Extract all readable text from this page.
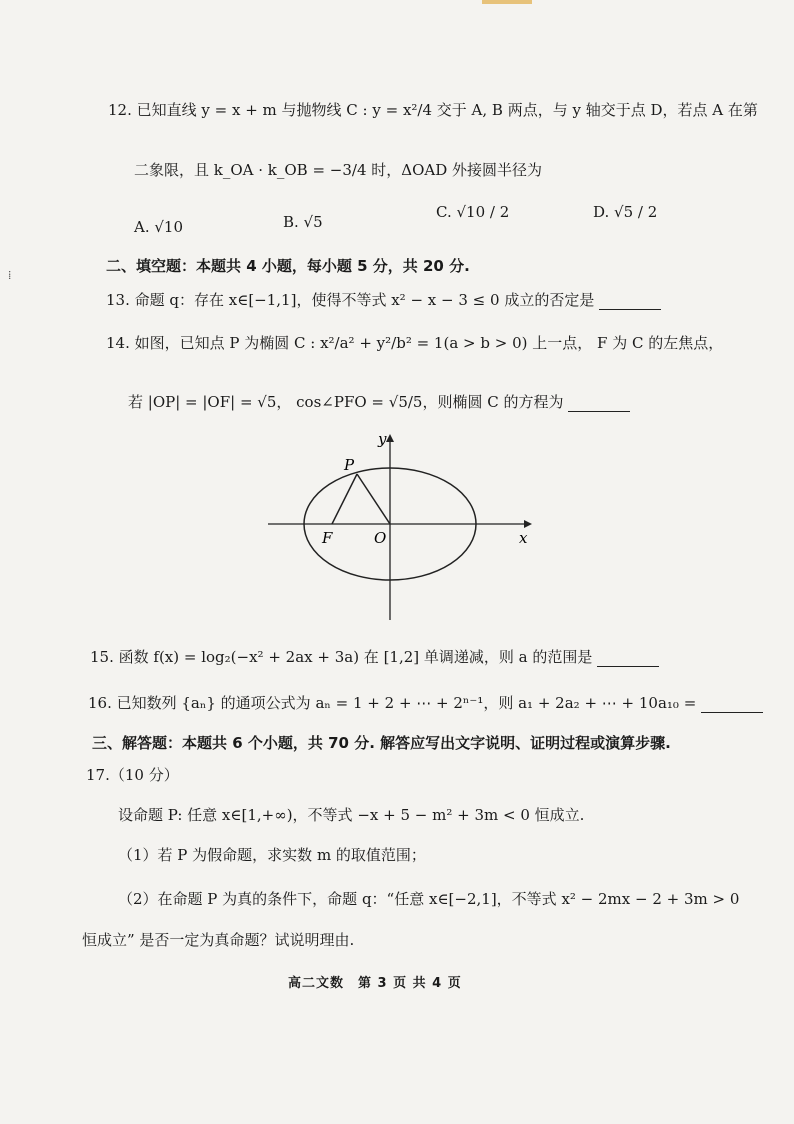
⁞
12. 已知直线 y = x + m 与抛物线 C : y = x²/4 交于 A, B 两点，与 y 轴交于点 D，若点 A 在第
二象限，且 k_OA · k_OB = −3/4 时，ΔOAD 外接圆半径为
A. √10	B. √5
C. √10 / 2	D. √5 / 2
二、填空题：本题共 4 小题，每小题 5 分，共 20 分.
13. 命题 q：存在 x∈[−1,1]，使得不等式 x² − x − 3 ≤ 0 成立的否定是
14. 如图，已知点 P 为椭圆 C : x²/a² + y²/b² = 1(a > b > 0) 上一点， F 为 C 的左焦点，
若 |OP| = |OF| = √5， cos∠PFO = √5/5，则椭圆 C 的方程为
y
x
P
F	O
15. 函数 f(x) = log₂(−x² + 2ax + 3a) 在 [1,2] 单调递减，则 a 的范围是
16. 已知数列 {aₙ} 的通项公式为 aₙ = 1 + 2 + ⋯ + 2ⁿ⁻¹，则 a₁ + 2a₂ + ⋯ + 10a₁₀ =
三、解答题：本题共 6 个小题，共 70 分. 解答应写出文字说明、证明过程或演算步骤.
17.（10 分）
设命题 P: 任意 x∈[1,+∞)，不等式 −x + 5 − m² + 3m < 0 恒成立.
（1）若 P 为假命题，求实数 m 的取值范围；
（2）在命题 P 为真的条件下，命题 q：“任意 x∈[−2,1]，不等式 x² − 2mx − 2 + 3m > 0
恒成立” 是否一定为真命题？试说明理由.
高二文数　第 3 页 共 4 页
